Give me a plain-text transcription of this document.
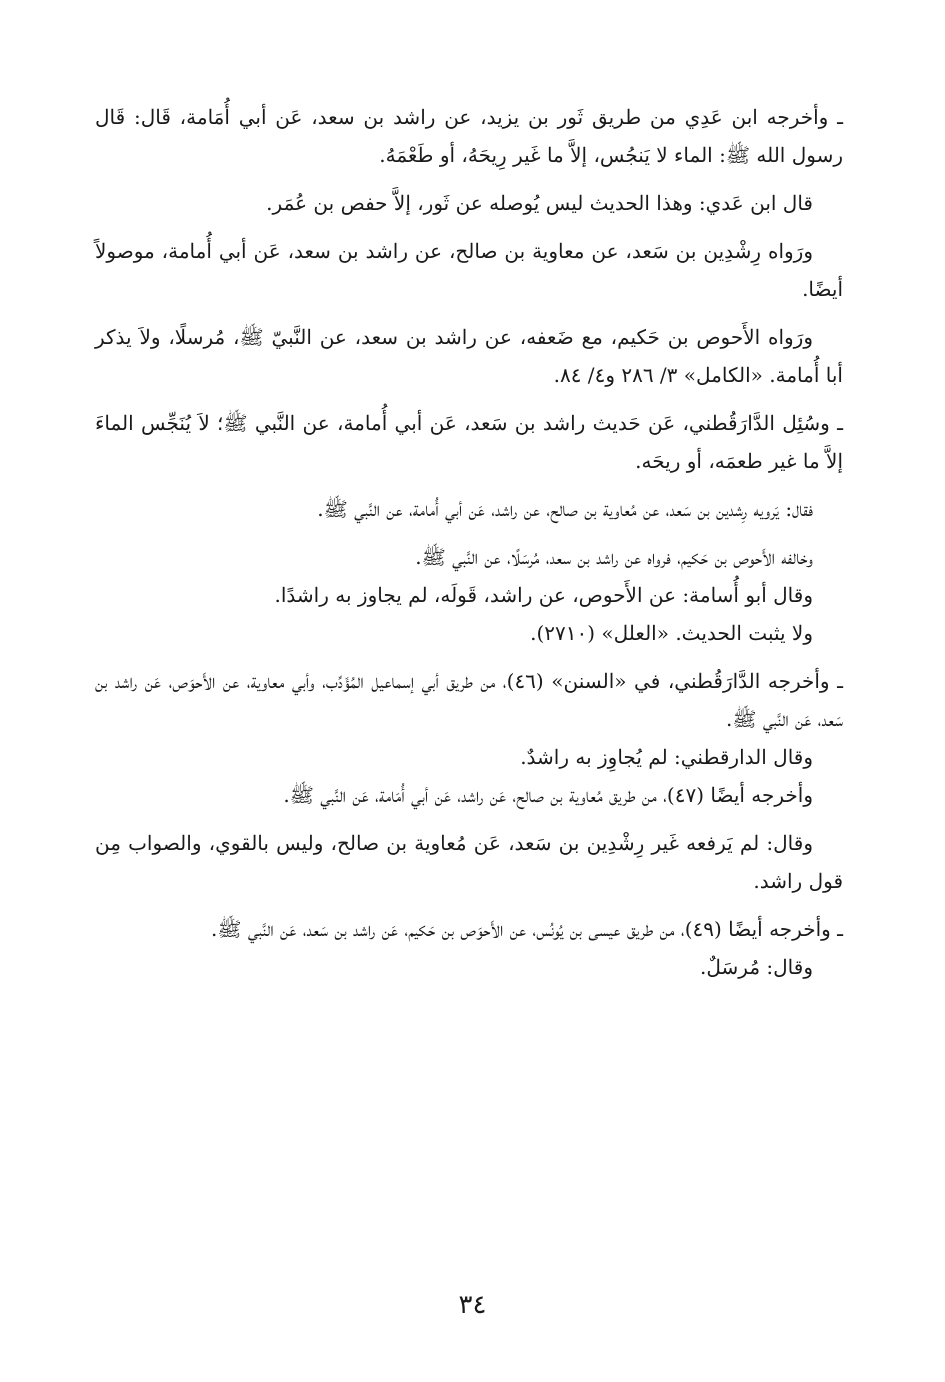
ـ وأخرجه ابن عَدِي من طريق ثَور بن يزيد، عن راشد بن سعد، عَن أبي أُمَامة، قَال: قَال رسول الله ﷺ: الماء لا يَنجُس، إلاَّ ما غَير رِيحَهُ، أو طَعْمَهُ.

قال ابن عَدي: وهذا الحديث ليس يُوصله عن ثَور، إلاَّ حفص بن عُمَر.

ورَواه رِشْدِين بن سَعد، عن معاوية بن صالح، عن راشد بن سعد، عَن أبي أُمامة، موصولاً أيضًا.

ورَواه الأَحوص بن حَكيم، مع ضَعفه، عن راشد بن سعد، عن النَّبيّ ﷺ، مُرسلًا، ولاَ يذكر أبا أُمامة. «الكامل» ٣/ ٢٨٦ و٤/ ٨٤.

ـ وسُئِل الدَّارَقُطني، عَن حَديث راشد بن سَعد، عَن أبي أُمامة، عن النَّبي ﷺ؛ لاَ يُنَجِّس الماءَ إلاَّ ما غير طعمَه، أو ريحَه.

فقال: يَرويه رِشدين بن سَعد، عن مُعاوية بن صالح، عن راشد، عَن أبي أُمامة، عن النَّبي ﷺ.

وخالفه الأَحوص بن حَكيم، فرواه عن راشد بن سعد، مُرسَلًا، عن النَّبي ﷺ.

وقال أبو أُسامة: عن الأَحوص، عن راشد، قَولَه، لم يجاوز به راشدًا.

ولا يثبت الحديث. «العلل» (٢٧١٠).

ـ وأخرجه الدَّارَقُطني، في «السنن» (٤٦)، من طريق أبي إسماعيل المُؤَدِّب، وأبي معاوية، عن الأَحوَص، عَن راشد بن سَعد، عَن النَّبي ﷺ.

وقال الدارقطني: لم يُجاوِز به راشدٌ.

وأخرجه أيضًا (٤٧)، من طريق مُعاوية بن صالح، عَن راشد، عَن أبي أُمَامة، عَن النَّبي ﷺ.

وقال: لم يَرفعه غَير رِشْدِين بن سَعد، عَن مُعاوية بن صالح، وليس بالقوي، والصواب مِن قول راشد.

ـ وأخرجه أيضًا (٤٩)، من طريق عيسى بن يُونُس، عن الأَحوَص بن حَكيم، عَن راشد بن سَعد، عَن النَّبي ﷺ.

وقال: مُرسَلٌ.

٣٤
